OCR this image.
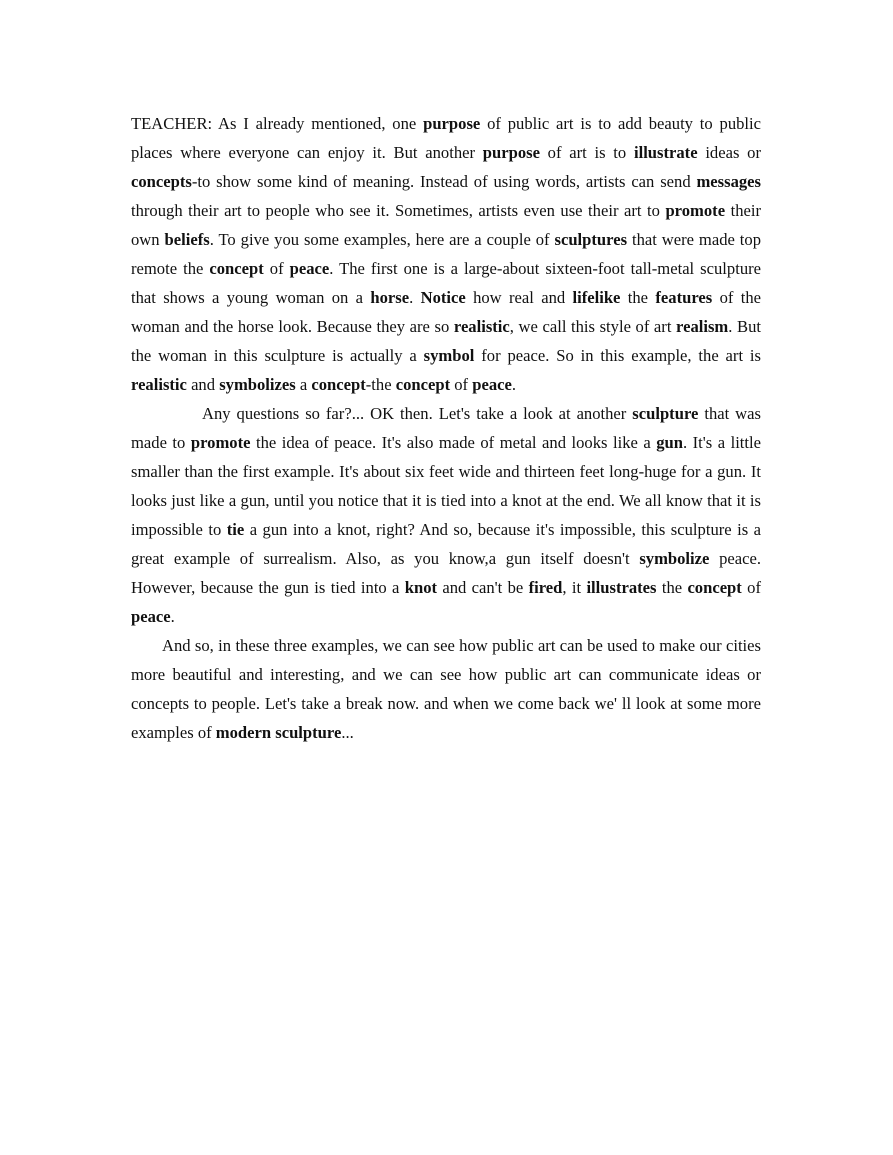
TEACHER: As I already mentioned, one purpose of public art is to add beauty to public places where everyone can enjoy it. But another purpose of art is to illustrate ideas or concepts-to show some kind of meaning. Instead of using words, artists can send messages through their art to people who see it. Sometimes, artists even use their art to promote their own beliefs. To give you some examples, here are a couple of sculptures that were made top remote the concept of peace. The first one is a large-about sixteen-foot tall-metal sculpture that shows a young woman on a horse. Notice how real and lifelike the features of the woman and the horse look. Because they are so realistic, we call this style of art realism. But the woman in this sculpture is actually a symbol for peace. So in this example, the art is realistic and symbolizes a concept-the concept of peace.

Any questions so far?... OK then. Let's take a look at another sculpture that was made to promote the idea of peace. It's also made of metal and looks like a gun. It's a little smaller than the first example. It's about six feet wide and thirteen feet long-huge for a gun. It looks just like a gun, until you notice that it is tied into a knot at the end. We all know that it is impossible to tie a gun into a knot, right? And so, because it's impossible, this sculpture is a great example of surrealism. Also, as you know,a gun itself doesn't symbolize peace. However, because the gun is tied into a knot and can't be fired, it illustrates the concept of peace.

And so, in these three examples, we can see how public art can be used to make our cities more beautiful and interesting, and we can see how public art can communicate ideas or concepts to people. Let's take a break now. and when we come back we' ll look at some more examples of modern sculpture...
